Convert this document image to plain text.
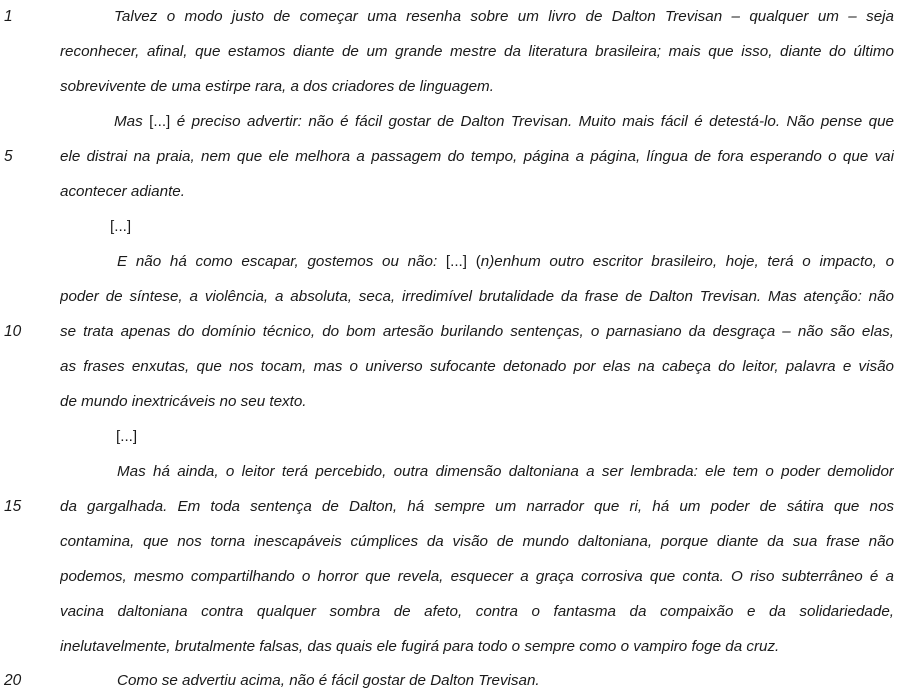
1	Talvez o modo justo de começar uma resenha sobre um livro de Dalton Trevisan – qualquer um – seja
reconhecer, afinal, que estamos diante de um grande mestre da literatura brasileira; mais que isso, diante do último
sobrevivente de uma estirpe rara, a dos criadores de linguagem.
Mas [...] é preciso advertir: não é fácil gostar de Dalton Trevisan. Muito mais fácil é detestá-lo. Não pense que
5	ele distrai na praia, nem que ele melhora a passagem do tempo, página a página, língua de fora esperando o que vai
acontecer adiante.
[...]
E não há como escapar, gostemos ou não: [...] (n)enhum outro escritor brasileiro, hoje, terá o impacto, o
poder de síntese, a violência, a absoluta, seca, irredimível brutalidade da frase de Dalton Trevisan. Mas atenção: não
10	se trata apenas do domínio técnico, do bom artesão burilando sentenças, o parnasiano da desgraça – não são elas,
as frases enxutas, que nos tocam, mas o universo sufocante detonado por elas na cabeça do leitor, palavra e visão
de mundo inextricáveis no seu texto.
[...]
Mas há ainda, o leitor terá percebido, outra dimensão daltoniana a ser lembrada: ele tem o poder demolidor
15	da gargalhada. Em toda sentença de Dalton, há sempre um narrador que ri, há um poder de sátira que nos
contamina, que nos torna inescapáveis cúmplices da visão de mundo daltoniana, porque diante da sua frase não
podemos, mesmo compartilhando o horror que revela, esquecer a graça corrosiva que conta. O riso subterrâneo é a
vacina daltoniana contra qualquer sombra de afeto, contra o fantasma da compaixão e da solidariedade,
inelutavelmente, brutalmente falsas, das quais ele fugirá para todo o sempre como o vampiro foge da cruz.
20	Como se advertiu acima, não é fácil gostar de Dalton Trevisan.
